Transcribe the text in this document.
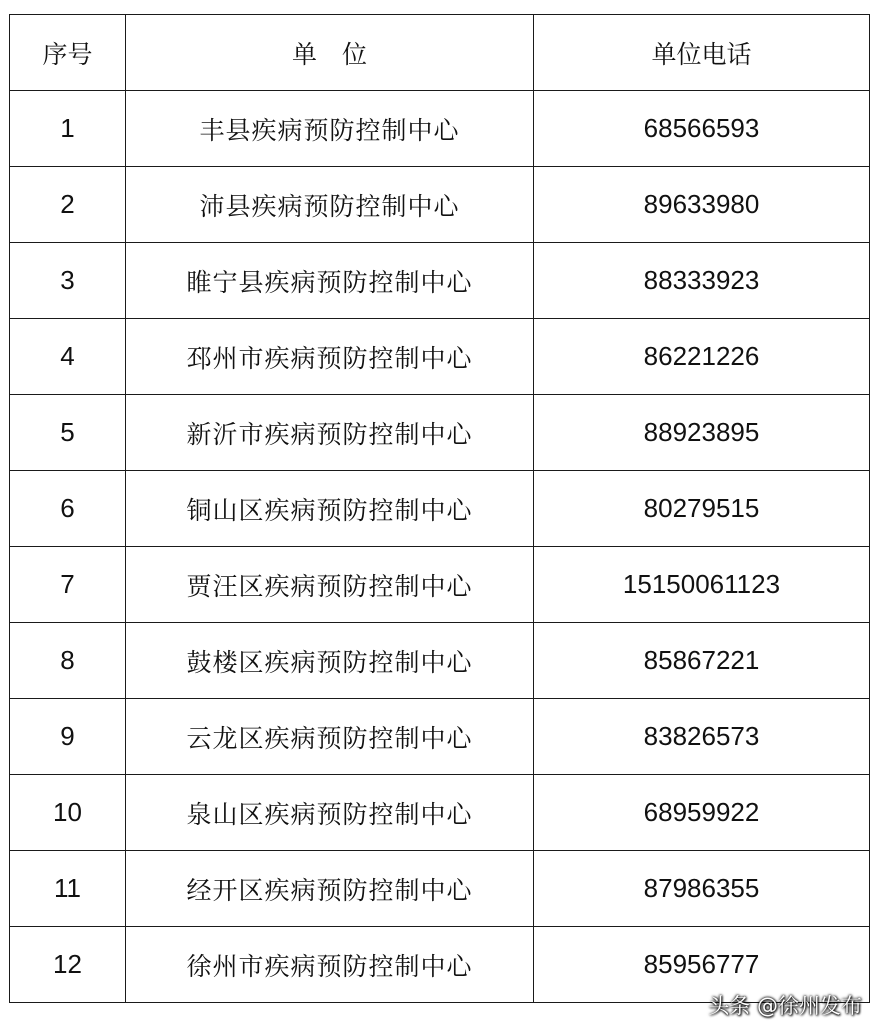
序号	单　位	单位电话
1	丰县疾病预防控制中心	68566593
2	沛县疾病预防控制中心	89633980
3	睢宁县疾病预防控制中心	88333923
4	邳州市疾病预防控制中心	86221226
5	新沂市疾病预防控制中心	88923895
6	铜山区疾病预防控制中心	80279515
7	贾汪区疾病预防控制中心	15150061123
8	鼓楼区疾病预防控制中心	85867221
9	云龙区疾病预防控制中心	83826573
10	泉山区疾病预防控制中心	68959922
11	经开区疾病预防控制中心	87986355
12	徐州市疾病预防控制中心	85956777
头条 @徐州发布
